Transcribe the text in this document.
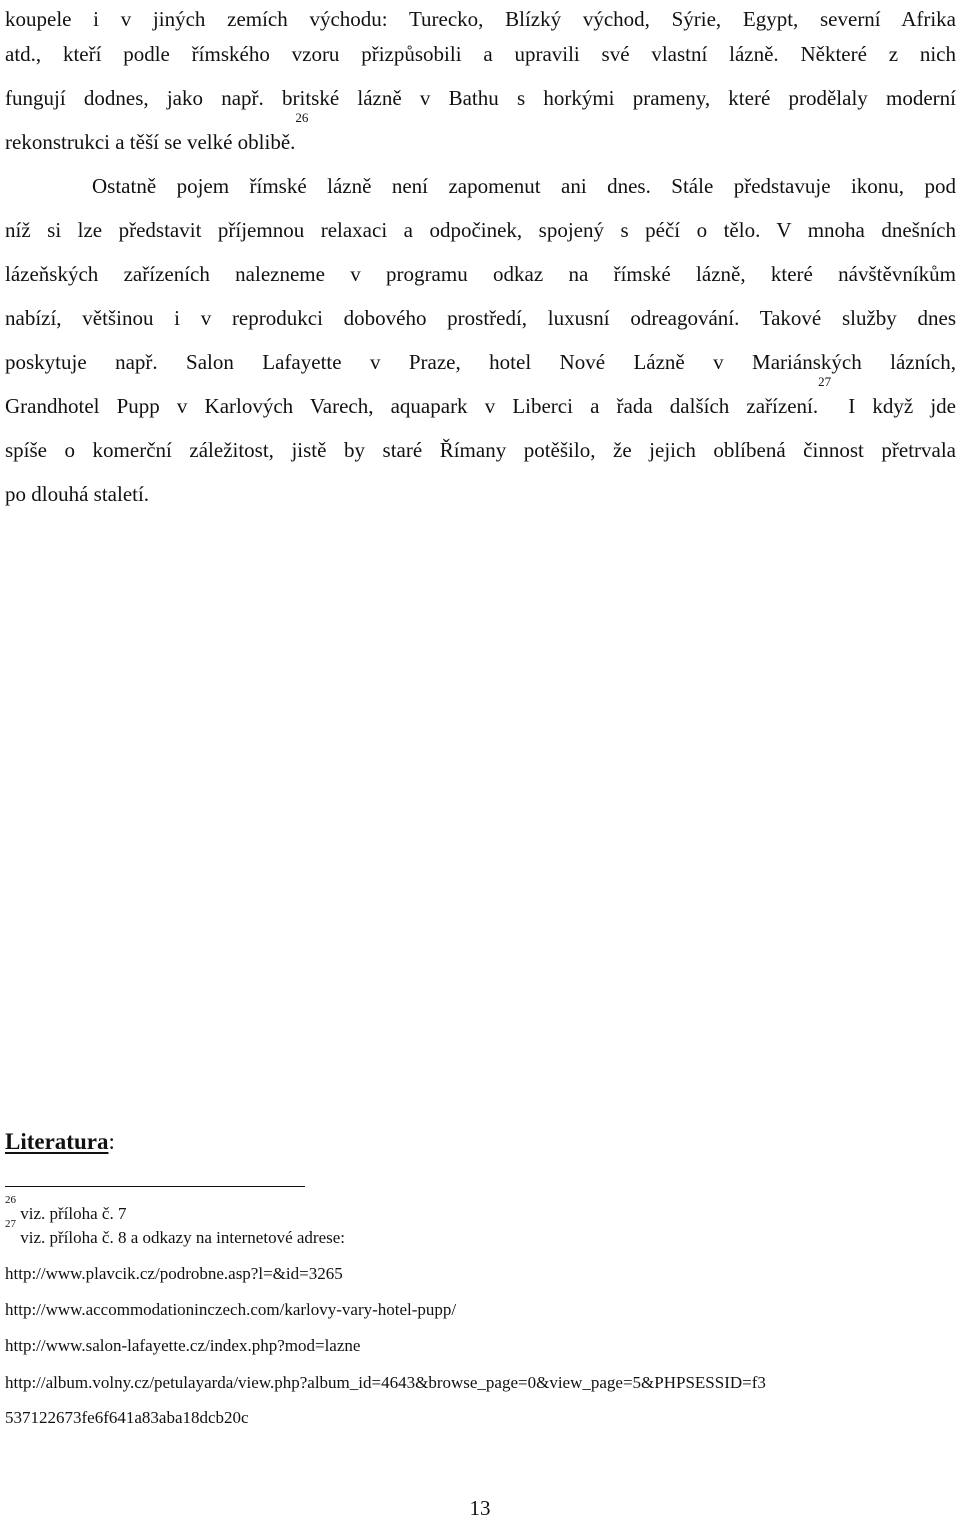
koupele i v jiných zemích východu: Turecko, Blízký východ, Sýrie, Egypt, severní Afrika
atd., kteří podle římského vzoru přizpůsobili a upravili své vlastní lázně. Některé z nich
fungují dodnes, jako např. britské lázně v Bathu s horkými prameny, které prodělaly moderní
rekonstrukci a těší se velké oblibě.$^{26}$
Ostatně pojem římské lázně není zapomenut ani dnes. Stále představuje ikonu, pod
níž si lze představit příjemnou relaxaci a odpočinek, spojený s péčí o tělo. V mnoha dnešních
lázeňských zařízeních nalezneme v programu odkaz na římské lázně, které návštěvníkům
nabízí, většinou i v reprodukci dobového prostředí, luxusní odreagování. Takové služby dnes
poskytuje např. Salon Lafayette v Praze, hotel Nové Lázně v Mariánských lázních,
Grandhotel Pupp v Karlových Varech, aquapark v Liberci a řada dalších zařízení.$^{27}$ I když jde
spíše o komerční záležitost, jistě by staré Římany potěšilo, že jejich oblíbená činnost přetrvala
po dlouhá staletí.
Literatura:
$^{26}$ viz. příloha č. 7
$^{27}$ viz. příloha č. 8 a odkazy na internetové adrese:
http://www.plavcik.cz/podrobne.asp?l=&id=3265
http://www.accommodationinczech.com/karlovy-vary-hotel-pupp/
http://www.salon-lafayette.cz/index.php?mod=lazne
http://album.volny.cz/petulayarda/view.php?album_id=4643&browse_page=0&view_page=5&PHPSESSID=f3
537122673fe6f641a83aba18dcb20c
13
